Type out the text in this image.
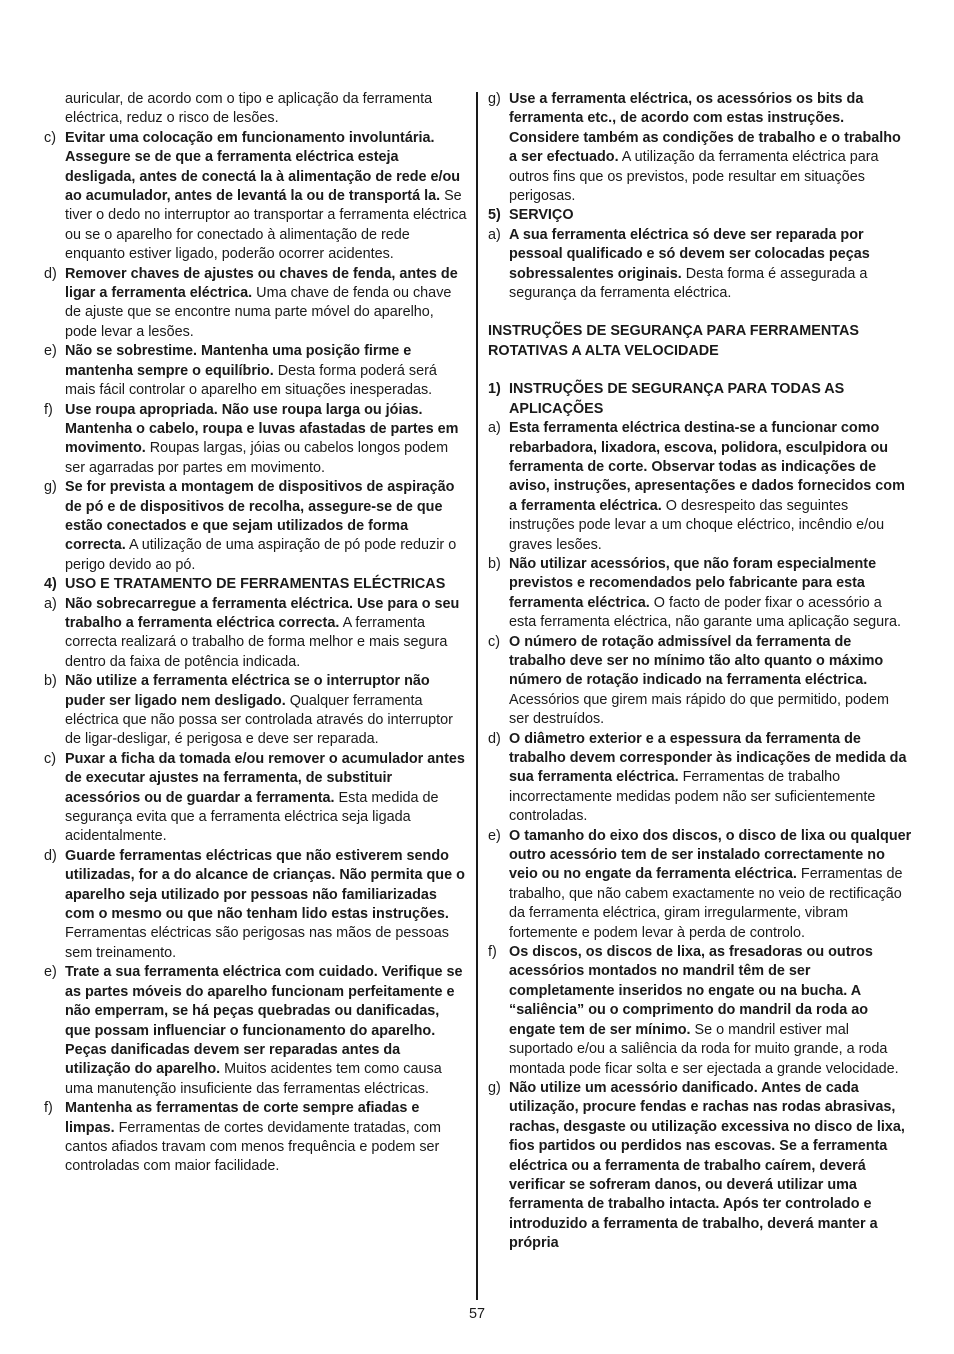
auricular, de acordo com o tipo e aplicação da ferramenta eléctrica, reduz o risco de lesões.
c) Evitar uma colocação em funcionamento involuntária. Assegure se de que a ferramenta eléctrica esteja desligada, antes de conectá la à alimentação de rede e/ou ao acumulador, antes de levantá la ou de transportá la. Se tiver o dedo no interruptor ao transportar a ferramenta eléctrica ou se o aparelho for conectado à alimentação de rede enquanto estiver ligado, poderão ocorrer acidentes.
d) Remover chaves de ajustes ou chaves de fenda, antes de ligar a ferramenta eléctrica. Uma chave de fenda ou chave de ajuste que se encontre numa parte móvel do aparelho, pode levar a lesões.
e) Não se sobrestime. Mantenha uma posição firme e mantenha sempre o equilíbrio. Desta forma poderá será mais fácil controlar o aparelho em situações inesperadas.
f) Use roupa apropriada. Não use roupa larga ou jóias. Mantenha o cabelo, roupa e luvas afastadas de partes em movimento. Roupas largas, jóias ou cabelos longos podem ser agarradas por partes em movimento.
g) Se for prevista a montagem de dispositivos de aspiração de pó e de dispositivos de recolha, assegure-se de que estão conectados e que sejam utilizados de forma correcta. A utilização de uma aspiração de pó pode reduzir o perigo devido ao pó.
4) USO E TRATAMENTO DE FERRAMENTAS ELÉCTRICAS
a) Não sobrecarregue a ferramenta eléctrica. Use para o seu trabalho a ferramenta eléctrica correcta. A ferramenta correcta realizará o trabalho de forma melhor e mais segura dentro da faixa de potência indicada.
b) Não utilize a ferramenta eléctrica se o interruptor não puder ser ligado nem desligado. Qualquer ferramenta eléctrica que não possa ser controlada através do interruptor de ligar-desligar, é perigosa e deve ser reparada.
c) Puxar a ficha da tomada e/ou remover o acumulador antes de executar ajustes na ferramenta, de substituir acessórios ou de guardar a ferramenta. Esta medida de segurança evita que a ferramenta eléctrica seja ligada acidentalmente.
d) Guarde ferramentas eléctricas que não estiverem sendo utilizadas, for a do alcance de crianças. Não permita que o aparelho seja utilizado por pessoas não familiarizadas com o mesmo ou que não tenham lido estas instruções. Ferramentas eléctricas são perigosas nas mãos de pessoas sem treinamento.
e) Trate a sua ferramenta eléctrica com cuidado. Verifique se as partes móveis do aparelho funcionam perfeitamente e não emperram, se há peças quebradas ou danificadas, que possam influenciar o funcionamento do aparelho. Peças danificadas devem ser reparadas antes da utilização do aparelho. Muitos acidentes tem como causa uma manutenção insuficiente das ferramentas eléctricas.
f) Mantenha as ferramentas de corte sempre afiadas e limpas. Ferramentas de cortes devidamente tratadas, com cantos afiados travam com menos frequência e podem ser controladas com maior facilidade.
g) Use a ferramenta eléctrica, os acessórios os bits da ferramenta etc., de acordo com estas instruções. Considere também as condições de trabalho e o trabalho a ser efectuado. A utilização da ferramenta eléctrica para outros fins que os previstos, pode resultar em situações perigosas.
5) SERVIÇO
a) A sua ferramenta eléctrica só deve ser reparada por pessoal qualificado e só devem ser colocadas peças sobressalentes originais. Desta forma é assegurada a segurança da ferramenta eléctrica.
INSTRUÇÕES DE SEGURANÇA PARA FERRAMENTAS ROTATIVAS A ALTA VELOCIDADE
1) INSTRUÇÕES DE SEGURANÇA PARA TODAS AS APLICAÇÕES
a) Esta ferramenta eléctrica destina-se a funcionar como rebarbadora, lixadora, escova, polidora, esculpidora ou ferramenta de corte. Observar todas as indicações de aviso, instruções, apresentações e dados fornecidos com a ferramenta eléctrica. O desrespeito das seguintes instruções pode levar a um choque eléctrico, incêndio e/ou graves lesões.
b) Não utilizar acessórios, que não foram especialmente previstos e recomendados pelo fabricante para esta ferramenta eléctrica. O facto de poder fixar o acessório a esta ferramenta eléctrica, não garante uma aplicação segura.
c) O número de rotação admissível da ferramenta de trabalho deve ser no mínimo tão alto quanto o máximo número de rotação indicado na ferramenta eléctrica. Acessórios que girem mais rápido do que permitido, podem ser destruídos.
d) O diâmetro exterior e a espessura da ferramenta de trabalho devem corresponder às indicações de medida da sua ferramenta eléctrica. Ferramentas de trabalho incorrectamente medidas podem não ser suficientemente controladas.
e) O tamanho do eixo dos discos, o disco de lixa ou qualquer outro acessório tem de ser instalado correctamente no veio ou no engate da ferramenta eléctrica. Ferramentas de trabalho, que não cabem exactamente no veio de rectificação da ferramenta eléctrica, giram irregularmente, vibram fortemente e podem levar à perda de controlo.
f) Os discos, os discos de lixa, as fresadoras ou outros acessórios montados no mandril têm de ser completamente inseridos no engate ou na bucha. A “saliência” ou o comprimento do mandril da roda ao engate tem de ser mínimo. Se o mandril estiver mal suportado e/ou a saliência da roda for muito grande, a roda montada pode ficar solta e ser ejectada a grande velocidade.
g) Não utilize um acessório danificado. Antes de cada utilização, procure fendas e rachas nas rodas abrasivas, rachas, desgaste ou utilização excessiva no disco de lixa, fios partidos ou perdidos nas escovas. Se a ferramenta eléctrica ou a ferramenta de trabalho caírem, deverá verificar se sofreram danos, ou deverá utilizar uma ferramenta de trabalho intacta. Após ter controlado e introduzido a ferramenta de trabalho, deverá manter a própria
57
